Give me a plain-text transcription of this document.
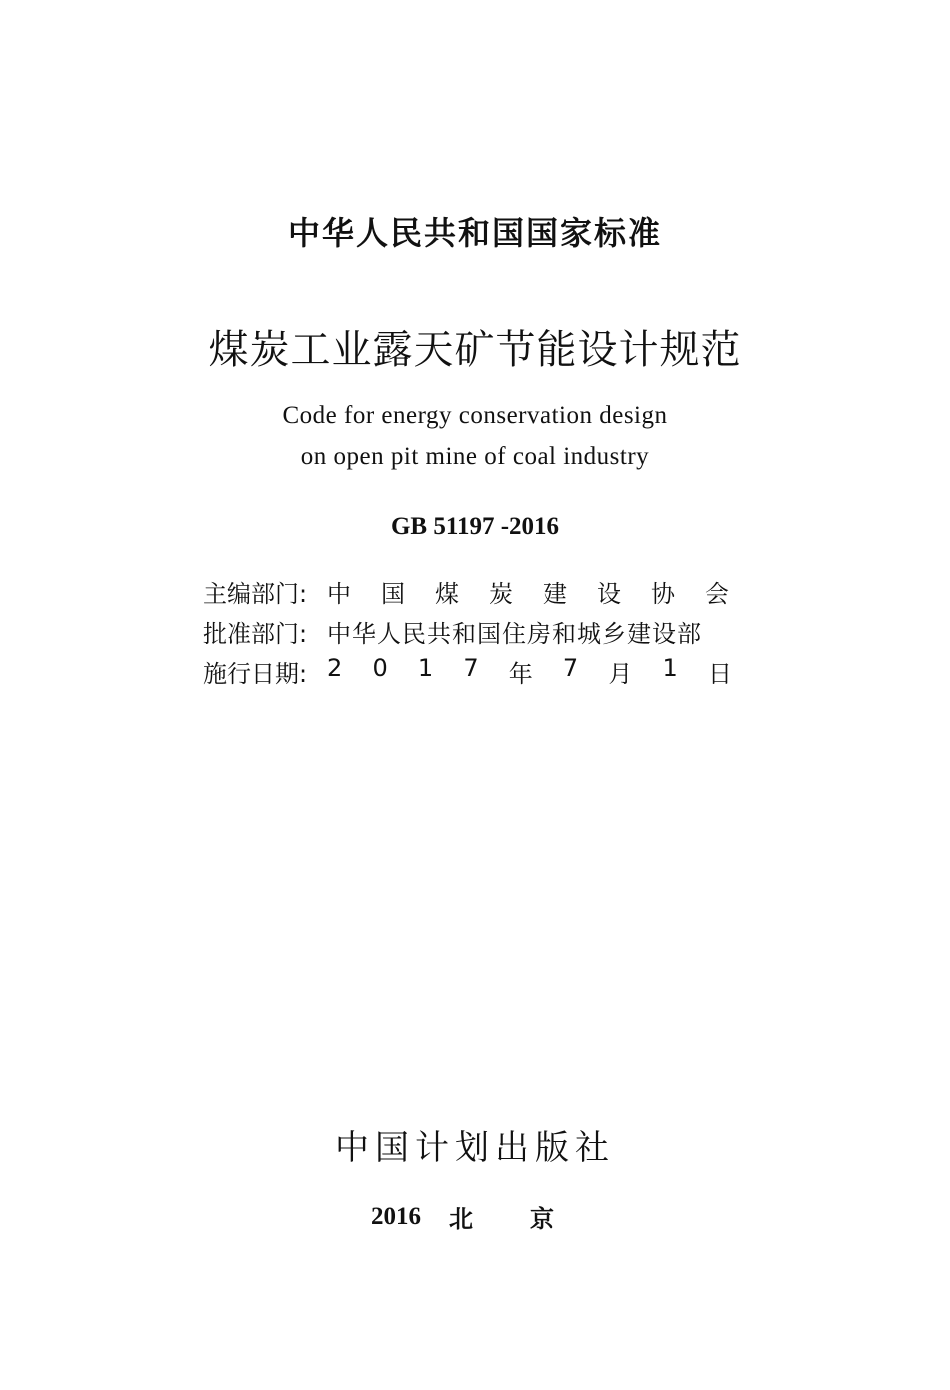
中华人民共和国国家标准
煤炭工业露天矿节能设计规范
Code for energy conservation design
on open pit mine of coal industry
GB 51197 -2016
主编部门: 中 国 煤 炭 建 设 协 会
批准部门: 中华人民共和国住房和城乡建设部
施行日期: 2 0 1 7 年 7 月 1 日
中国计划出版社
2016 北 京
